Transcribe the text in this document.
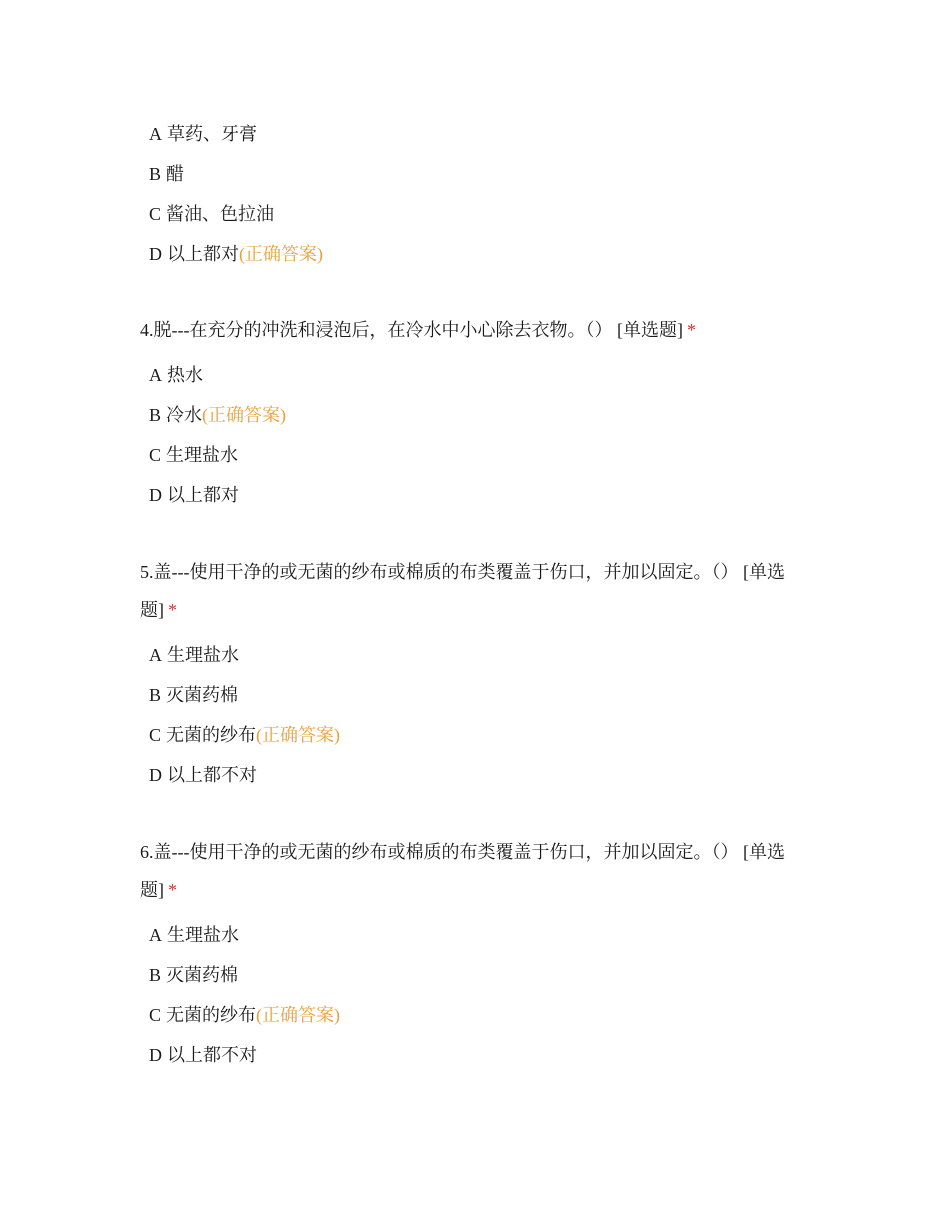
A 草药、牙膏
B 醋
C 酱油、色拉油
D 以上都对 (正确答案)

4.脱---在充分的冲洗和浸泡后，在冷水中小心除去衣物。（） [单选题] *

A 热水
B 冷水 (正确答案)
C 生理盐水
D 以上都对

5.盖---使用干净的或无菌的纱布或棉质的布类覆盖于伤口，并加以固定。（） [单选题] *

A 生理盐水
B 灭菌药棉
C 无菌的纱布 (正确答案)
D 以上都不对

6.盖---使用干净的或无菌的纱布或棉质的布类覆盖于伤口，并加以固定。（） [单选题] *

A 生理盐水
B 灭菌药棉
C 无菌的纱布 (正确答案)
D 以上都不对
